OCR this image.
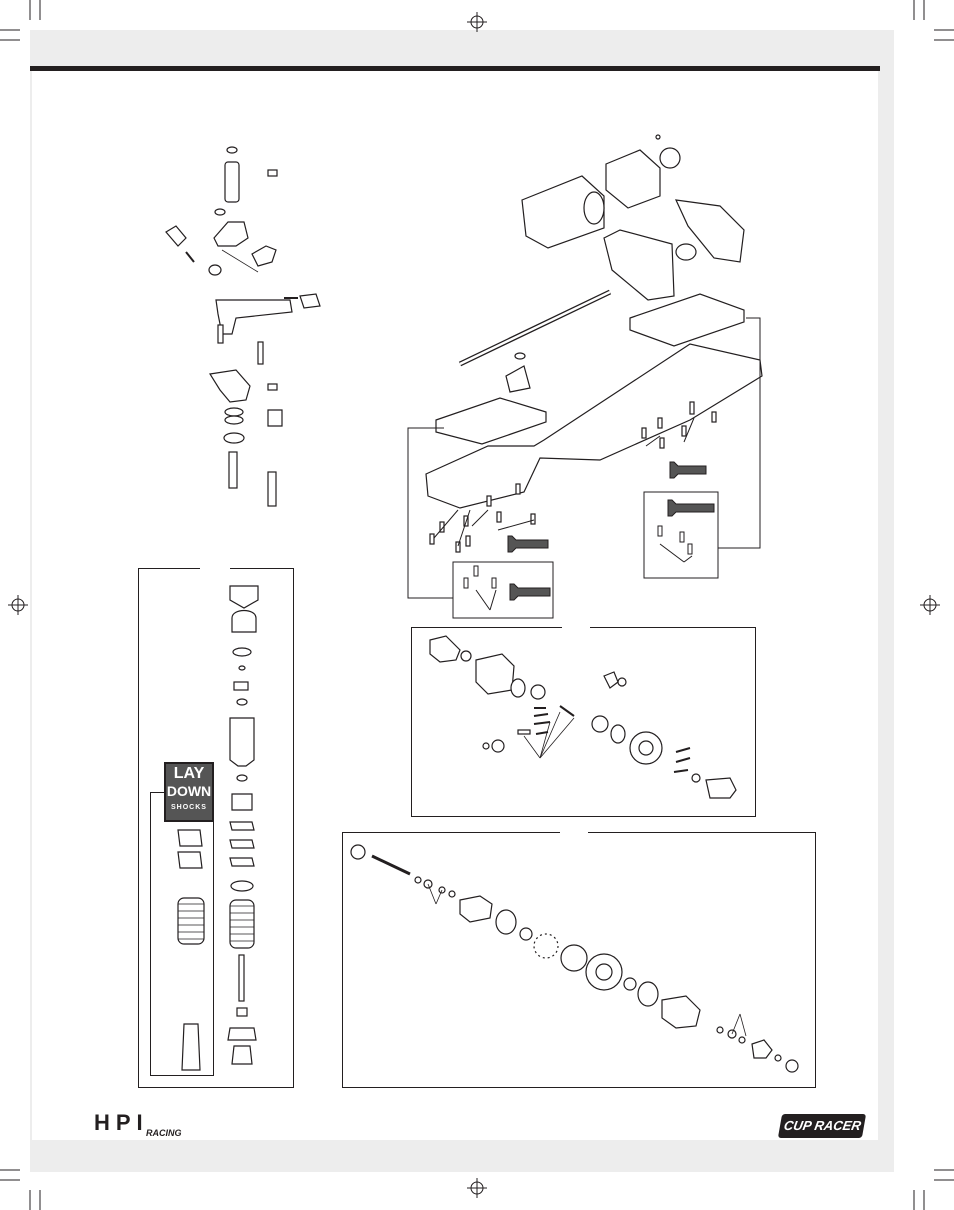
LAY
DOWN
SHOCKS
HPI
RACING	CUP RACER
